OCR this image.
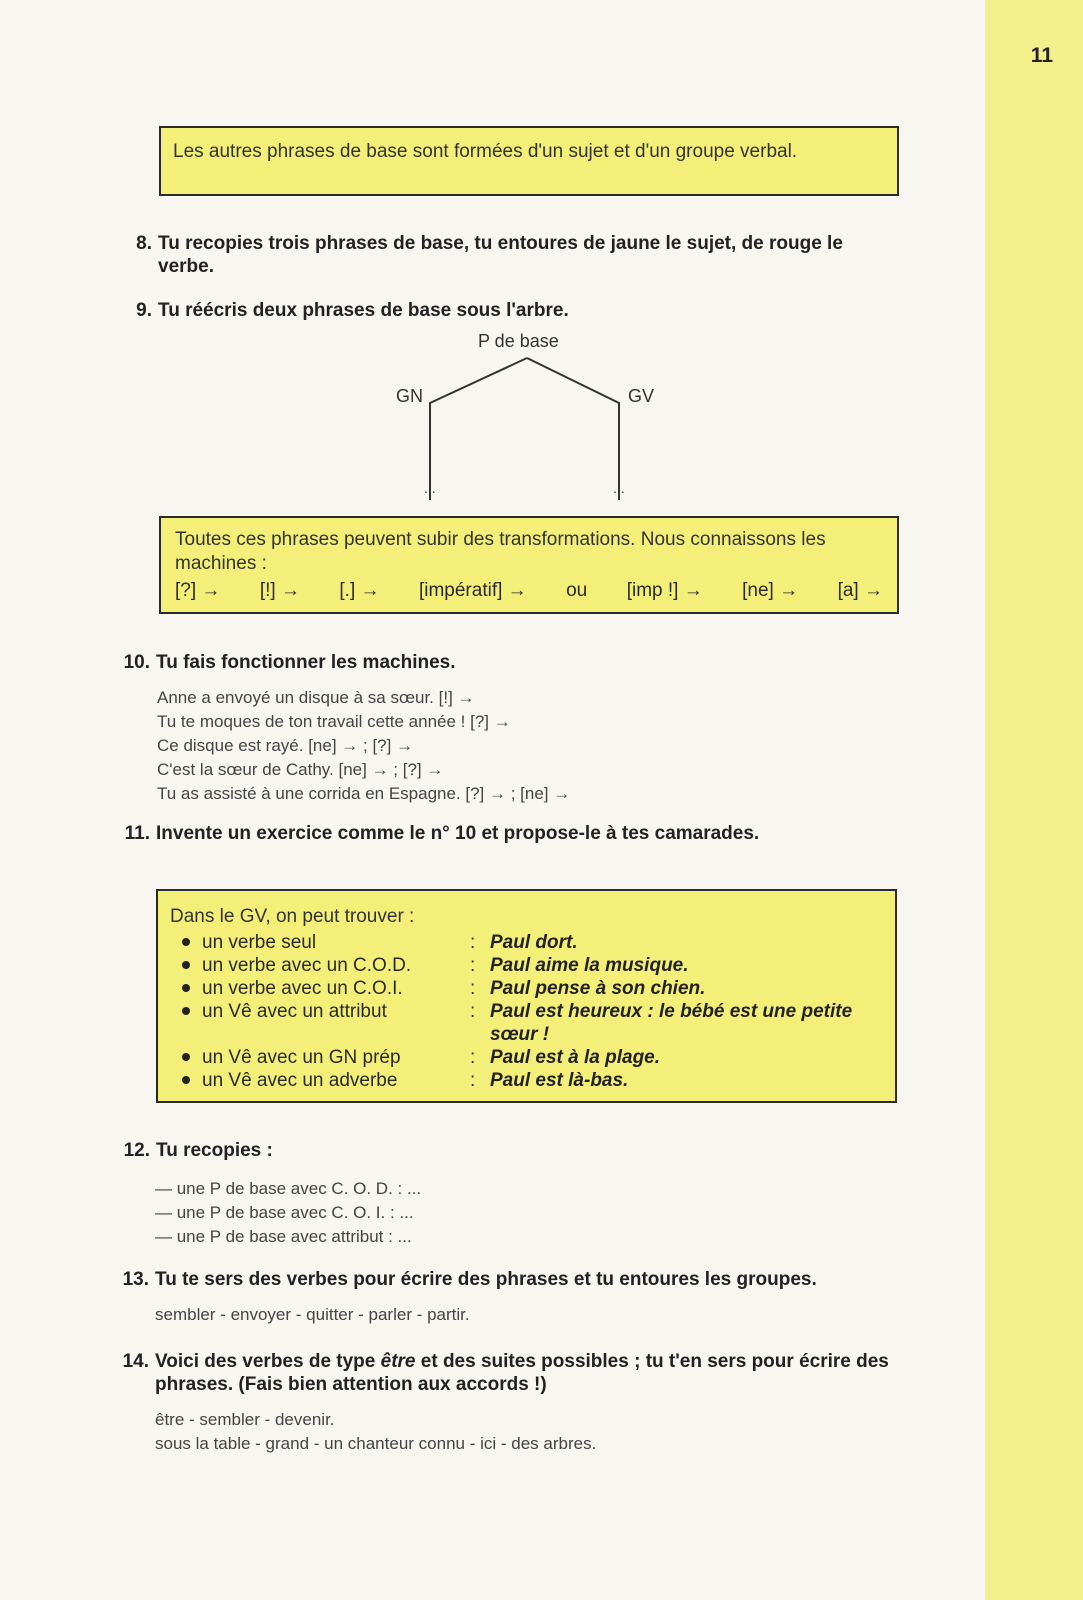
11
Les autres phrases de base sont formées d'un sujet et d'un groupe verbal.
8. Tu recopies trois phrases de base, tu entoures de jaune le sujet, de rouge le verbe.
9. Tu réécris deux phrases de base sous l'arbre.
P de base
GN	GV
...	...
Toutes ces phrases peuvent subir des transformations. Nous connaissons les machines :
[?] → [!] → [.] → [impératif] → ou [imp !] → [ne] → [a] →
10. Tu fais fonctionner les machines.
Anne a envoyé un disque à sa sœur. [!] →
Tu te moques de ton travail cette année ! [?] →
Ce disque est rayé. [ne] → ; [?] →
C'est la sœur de Cathy. [ne] → ; [?] →
Tu as assisté à une corrida en Espagne. [?] → ; [ne] →
11. Invente un exercice comme le n° 10 et propose-le à tes camarades.
Dans le GV, on peut trouver :
un verbe seul	: Paul dort.
un verbe avec un C.O.D.	: Paul aime la musique.
un verbe avec un C.O.I.	: Paul pense à son chien.
un Vê avec un attribut	: Paul est heureux : le bébé est une petite sœur !
un Vê avec un GN prép	: Paul est à la plage.
un Vê avec un adverbe	: Paul est là-bas.
12. Tu recopies :
— une P de base avec C. O. D. : ...
— une P de base avec C. O. I. : ...
— une P de base avec attribut : ...
13. Tu te sers des verbes pour écrire des phrases et tu entoures les groupes.
sembler - envoyer - quitter - parler - partir.
14. Voici des verbes de type être et des suites possibles ; tu t'en sers pour écrire des phrases. (Fais bien attention aux accords !)
être - sembler - devenir.
sous la table - grand - un chanteur connu - ici - des arbres.
